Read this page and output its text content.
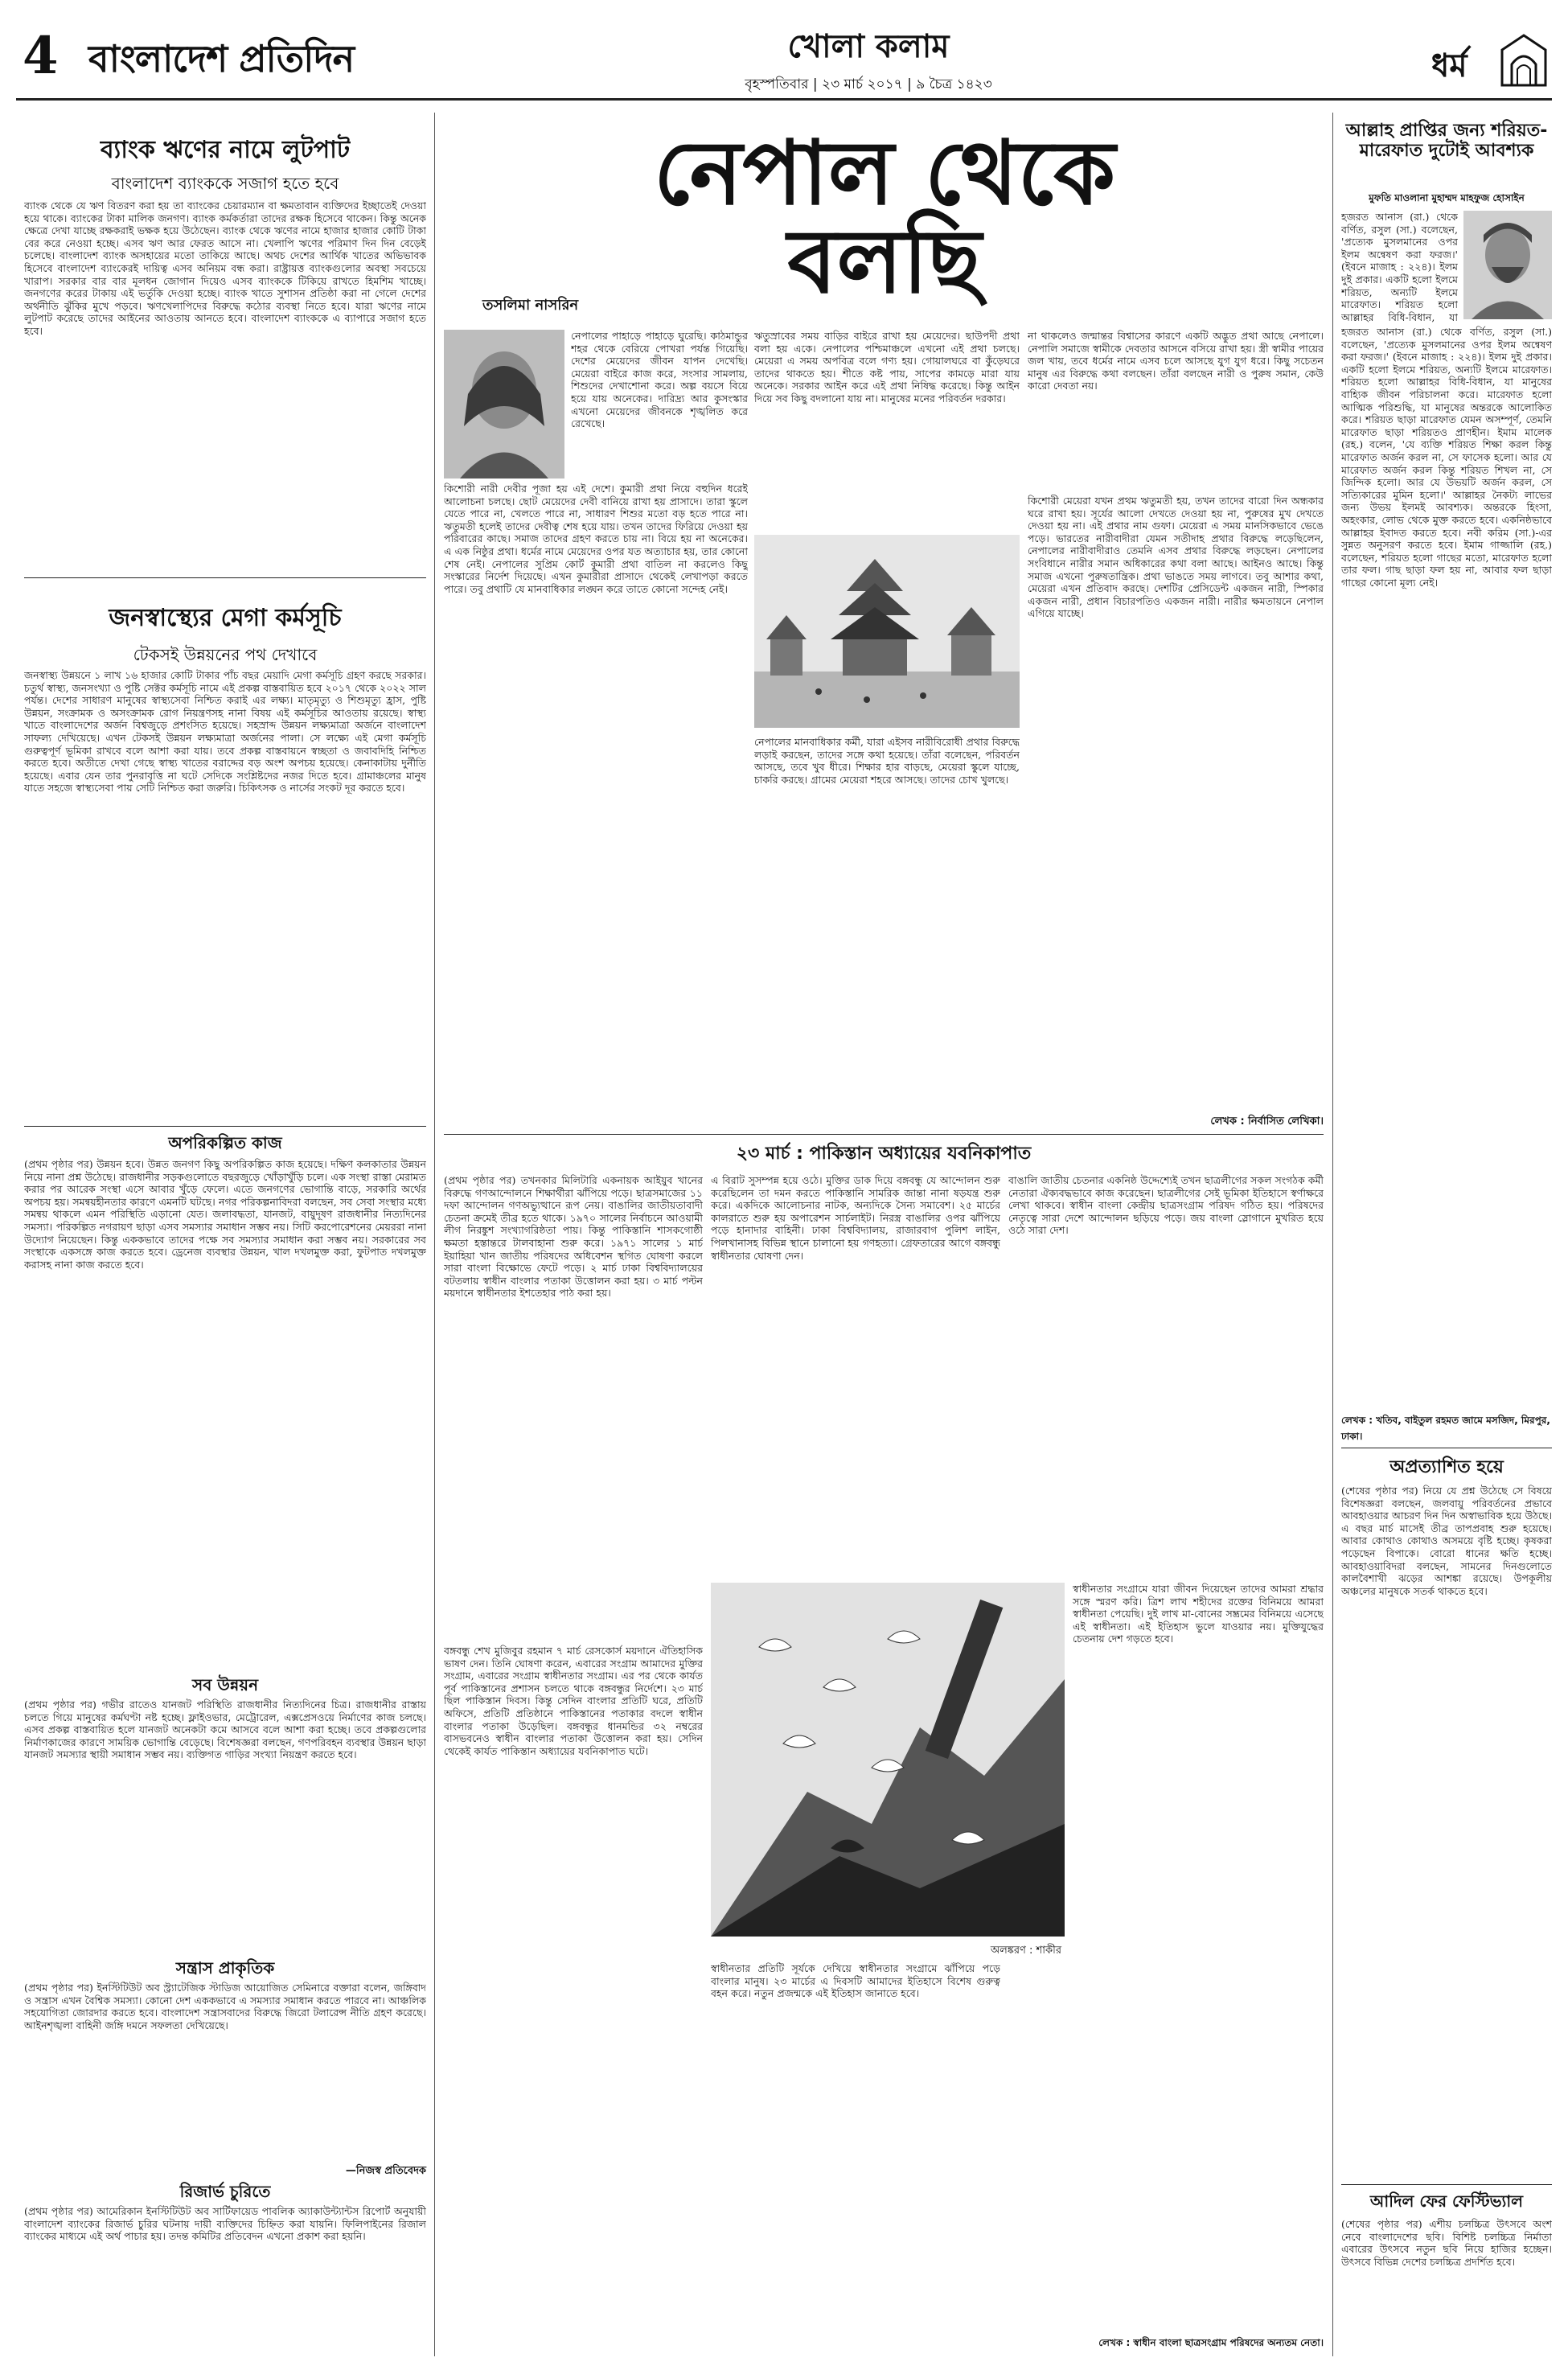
4 বাংলাদেশ প্রতিদিন	খোলা কলাম
বৃহস্পতিবার | ২৩ মার্চ ২০১৭ | ৯ চৈত্র ১৪২৩	ধর্ম
ব্যাংক ঋণের নামে লুটপাট
বাংলাদেশ ব্যাংককে সজাগ হতে হবে
ব্যাংক থেকে যে ঋণ বিতরণ করা হয় তা ব্যাংকের চেয়ারম্যান বা ক্ষমতাবান ব্যক্তিদের ইচ্ছাতেই দেওয়া হয়ে থাকে। ব্যাংকের টাকা মালিক জনগণ। ব্যাংক কর্মকর্তারা তাদের রক্ষক হিসেবে থাকেন। কিন্তু অনেক ক্ষেত্রে দেখা যাচ্ছে রক্ষকরাই ভক্ষক হয়ে উঠেছেন। ব্যাংক থেকে ঋণের নামে হাজার হাজার কোটি টাকা বের করে নেওয়া হচ্ছে। এসব ঋণ আর ফেরত আসে না। খেলাপি ঋণের পরিমাণ দিন দিন বেড়েই চলেছে। বাংলাদেশ ব্যাংক অসহায়ের মতো তাকিয়ে আছে। অথচ দেশের আর্থিক খাতের অভিভাবক হিসেবে বাংলাদেশ ব্যাংকেরই দায়িত্ব এসব অনিয়ম বন্ধ করা। রাষ্ট্রায়ত্ত ব্যাংকগুলোর অবস্থা সবচেয়ে খারাপ। সরকার বার বার মূলধন জোগান দিয়েও এসব ব্যাংককে টিকিয়ে রাখতে হিমশিম খাচ্ছে। জনগণের করের টাকায় এই ভর্তুকি দেওয়া হচ্ছে। ব্যাংক খাতে সুশাসন প্রতিষ্ঠা করা না গেলে দেশের অর্থনীতি ঝুঁকির মুখে পড়বে। ঋণখেলাপিদের বিরুদ্ধে কঠোর ব্যবস্থা নিতে হবে। যারা ঋণের নামে লুটপাট করেছে তাদের আইনের আওতায় আনতে হবে। বাংলাদেশ ব্যাংককে এ ব্যাপারে সজাগ হতে হবে।
জনস্বাস্থ্যের মেগা কর্মসূচি
টেকসই উন্নয়নের পথ দেখাবে
জনস্বাস্থ্য উন্নয়নে ১ লাখ ১৬ হাজার কোটি টাকার পাঁচ বছর মেয়াদি মেগা কর্মসূচি গ্রহণ করছে সরকার। চতুর্থ স্বাস্থ্য, জনসংখ্যা ও পুষ্টি সেক্টর কর্মসূচি নামে এই প্রকল্প বাস্তবায়িত হবে ২০১৭ থেকে ২০২২ সাল পর্যন্ত। দেশের সাধারণ মানুষের স্বাস্থ্যসেবা নিশ্চিত করাই এর লক্ষ্য। মাতৃমৃত্যু ও শিশুমৃত্যু হ্রাস, পুষ্টি উন্নয়ন, সংক্রামক ও অসংক্রামক রোগ নিয়ন্ত্রণসহ নানা বিষয় এই কর্মসূচির আওতায় রয়েছে। স্বাস্থ্য খাতে বাংলাদেশের অর্জন বিশ্বজুড়ে প্রশংসিত হয়েছে। সহস্রাব্দ উন্নয়ন লক্ষ্যমাত্রা অর্জনে বাংলাদেশ সাফল্য দেখিয়েছে। এখন টেকসই উন্নয়ন লক্ষ্যমাত্রা অর্জনের পালা। সে লক্ষ্যে এই মেগা কর্মসূচি গুরুত্বপূর্ণ ভূমিকা রাখবে বলে আশা করা যায়। তবে প্রকল্প বাস্তবায়নে স্বচ্ছতা ও জবাবদিহি নিশ্চিত করতে হবে। অতীতে দেখা গেছে স্বাস্থ্য খাতের বরাদ্দের বড় অংশ অপচয় হয়েছে। কেনাকাটায় দুর্নীতি হয়েছে। এবার যেন তার পুনরাবৃত্তি না ঘটে সেদিকে সংশ্লিষ্টদের নজর দিতে হবে। গ্রামাঞ্চলের মানুষ যাতে সহজে স্বাস্থ্যসেবা পায় সেটি নিশ্চিত করা জরুরি। চিকিৎসক ও নার্সের সংকট দূর করতে হবে।
অপরিকল্পিত কাজ
(প্রথম পৃষ্ঠার পর) উন্নয়ন হবে। উন্নত জনগণ কিছু অপরিকল্পিত কাজ হয়েছে। দক্ষিণ কলকাতার উন্নয়ন নিয়ে নানা প্রশ্ন উঠেছে। রাজধানীর সড়কগুলোতে বছরজুড়ে খোঁড়াখুঁড়ি চলে। এক সংস্থা রাস্তা মেরামত করার পর আরেক সংস্থা এসে আবার খুঁড়ে ফেলে। এতে জনগণের ভোগান্তি বাড়ে, সরকারি অর্থের অপচয় হয়। সমন্বয়হীনতার কারণে এমনটি ঘটছে। নগর পরিকল্পনাবিদরা বলছেন, সব সেবা সংস্থার মধ্যে সমন্বয় থাকলে এমন পরিস্থিতি এড়ানো যেত। জলাবদ্ধতা, যানজট, বায়ুদূষণ রাজধানীর নিত্যদিনের সমস্যা। পরিকল্পিত নগরায়ণ ছাড়া এসব সমস্যার সমাধান সম্ভব নয়। সিটি করপোরেশনের মেয়ররা নানা উদ্যোগ নিয়েছেন। কিন্তু এককভাবে তাদের পক্ষে সব সমস্যার সমাধান করা সম্ভব নয়। সরকারের সব সংস্থাকে একসঙ্গে কাজ করতে হবে। ড্রেনেজ ব্যবস্থার উন্নয়ন, খাল দখলমুক্ত করা, ফুটপাত দখলমুক্ত করাসহ নানা কাজ করতে হবে।
সব উন্নয়ন
(প্রথম পৃষ্ঠার পর) গভীর রাতেও যানজট পরিস্থিতি রাজধানীর নিত্যদিনের চিত্র। রাজধানীর রাস্তায় চলতে গিয়ে মানুষের কর্মঘণ্টা নষ্ট হচ্ছে। ফ্লাইওভার, মেট্রোরেল, এক্সপ্রেসওয়ে নির্মাণের কাজ চলছে। এসব প্রকল্প বাস্তবায়িত হলে যানজট অনেকটা কমে আসবে বলে আশা করা হচ্ছে। তবে প্রকল্পগুলোর নির্মাণকাজের কারণে সাময়িক ভোগান্তি বেড়েছে। বিশেষজ্ঞরা বলছেন, গণপরিবহন ব্যবস্থার উন্নয়ন ছাড়া যানজট সমস্যার স্থায়ী সমাধান সম্ভব নয়। ব্যক্তিগত গাড়ির সংখ্যা নিয়ন্ত্রণ করতে হবে।
সন্ত্রাস প্রাকৃতিক
(প্রথম পৃষ্ঠার পর) ইনস্টিটিউট অব স্ট্র্যাটেজিক স্টাডিজ আয়োজিত সেমিনারে বক্তারা বলেন, জঙ্গিবাদ ও সন্ত্রাস এখন বৈশ্বিক সমস্যা। কোনো দেশ এককভাবে এ সমস্যার সমাধান করতে পারবে না। আঞ্চলিক সহযোগিতা জোরদার করতে হবে। বাংলাদেশ সন্ত্রাসবাদের বিরুদ্ধে জিরো টলারেন্স নীতি গ্রহণ করেছে। আইনশৃঙ্খলা বাহিনী জঙ্গি দমনে সফলতা দেখিয়েছে।
—নিজস্ব প্রতিবেদক
রিজার্ভ চুরিতে
(প্রথম পৃষ্ঠার পর) আমেরিকান ইনস্টিটিউট অব সার্টিফায়েড পাবলিক অ্যাকাউন্ট্যান্টস রিপোর্ট অনুযায়ী বাংলাদেশ ব্যাংকের রিজার্ভ চুরির ঘটনায় দায়ী ব্যক্তিদের চিহ্নিত করা যায়নি। ফিলিপাইনের রিজাল ব্যাংকের মাধ্যমে এই অর্থ পাচার হয়। তদন্ত কমিটির প্রতিবেদন এখনো প্রকাশ করা হয়নি।
নেপাল থেকে বলছি
তসলিমা নাসরিন
নেপালের পাহাড়ে পাহাড়ে ঘুরেছি। কাঠমান্ডুর শহর থেকে বেরিয়ে পোখরা পর্যন্ত গিয়েছি। দেশের মেয়েদের জীবন যাপন দেখেছি। মেয়েরা বাইরে কাজ করে, সংসার সামলায়, শিশুদের দেখাশোনা করে। অল্প বয়সে বিয়ে হয়ে যায় অনেকের। দারিদ্র্য আর কুসংস্কার এখনো মেয়েদের জীবনকে শৃঙ্খলিত করে রেখেছে।
কিশোরী নারী দেবীর পূজা হয় এই দেশে। কুমারী প্রথা নিয়ে বহুদিন ধরেই আলোচনা চলছে। ছোট মেয়েদের দেবী বানিয়ে রাখা হয় প্রাসাদে। তারা স্কুলে যেতে পারে না, খেলতে পারে না, সাধারণ শিশুর মতো বড় হতে পারে না। ঋতুমতী হলেই তাদের দেবীত্ব শেষ হয়ে যায়। তখন তাদের ফিরিয়ে দেওয়া হয় পরিবারের কাছে। সমাজ তাদের গ্রহণ করতে চায় না। বিয়ে হয় না অনেকের। এ এক নিষ্ঠুর প্রথা। ধর্মের নামে মেয়েদের ওপর যত অত্যাচার হয়, তার কোনো শেষ নেই। নেপালের সুপ্রিম কোর্ট কুমারী প্রথা বাতিল না করলেও কিছু সংস্কারের নির্দেশ দিয়েছে। এখন কুমারীরা প্রাসাদে থেকেই লেখাপড়া করতে পারে। তবু প্রথাটি যে মানবাধিকার লঙ্ঘন করে তাতে কোনো সন্দেহ নেই।
ঋতুস্রাবের সময় বাড়ির বাইরে রাখা হয় মেয়েদের। ছাউপদী প্রথা বলা হয় একে। নেপালের পশ্চিমাঞ্চলে এখনো এই প্রথা চলছে। মেয়েরা এ সময় অপবিত্র বলে গণ্য হয়। গোয়ালঘরে বা কুঁড়েঘরে তাদের থাকতে হয়। শীতে কষ্ট পায়, সাপের কামড়ে মারা যায় অনেকে। সরকার আইন করে এই প্রথা নিষিদ্ধ করেছে। কিন্তু আইন দিয়ে সব কিছু বদলানো যায় না। মানুষের মনের পরিবর্তন দরকার।
নেপালের মানবাধিকার কর্মী, যারা এইসব নারীবিরোধী প্রথার বিরুদ্ধে লড়াই করছেন, তাদের সঙ্গে কথা হয়েছে। তাঁরা বলেছেন, পরিবর্তন আসছে, তবে খুব ধীরে। শিক্ষার হার বাড়ছে, মেয়েরা স্কুলে যাচ্ছে, চাকরি করছে। গ্রামের মেয়েরা শহরে আসছে। তাদের চোখ খুলছে।
না থাকলেও জন্মান্তর বিশ্বাসের কারণে একটি অদ্ভুত প্রথা আছে নেপালে। নেপালি সমাজে স্বামীকে দেবতার আসনে বসিয়ে রাখা হয়। স্ত্রী স্বামীর পায়ের জল খায়, তবে ধর্মের নামে এসব চলে আসছে যুগ যুগ ধরে। কিছু সচেতন মানুষ এর বিরুদ্ধে কথা বলছেন। তাঁরা বলছেন নারী ও পুরুষ সমান, কেউ কারো দেবতা নয়।
কিশোরী মেয়েরা যখন প্রথম ঋতুমতী হয়, তখন তাদের বারো দিন অন্ধকার ঘরে রাখা হয়। সূর্যের আলো দেখতে দেওয়া হয় না, পুরুষের মুখ দেখতে দেওয়া হয় না। এই প্রথার নাম গুফা। মেয়েরা এ সময় মানসিকভাবে ভেঙে পড়ে। ভারতের নারীবাদীরা যেমন সতীদাহ প্রথার বিরুদ্ধে লড়েছিলেন, নেপালের নারীবাদীরাও তেমনি এসব প্রথার বিরুদ্ধে লড়ছেন। নেপালের সংবিধানে নারীর সমান অধিকারের কথা বলা আছে। আইনও আছে। কিন্তু সমাজ এখনো পুরুষতান্ত্রিক। প্রথা ভাঙতে সময় লাগবে। তবু আশার কথা, মেয়েরা এখন প্রতিবাদ করছে। দেশটির প্রেসিডেন্ট একজন নারী, স্পিকার একজন নারী, প্রধান বিচারপতিও একজন নারী। নারীর ক্ষমতায়নে নেপাল এগিয়ে যাচ্ছে।
লেখক : নির্বাসিত লেখিকা।
২৩ মার্চ : পাকিস্তান অধ্যায়ের যবনিকাপাত
(প্রথম পৃষ্ঠার পর) তখনকার মিলিটারি একনায়ক আইয়ুব খানের বিরুদ্ধে গণআন্দোলনে শিক্ষার্থীরা ঝাঁপিয়ে পড়ে। ছাত্রসমাজের ১১ দফা আন্দোলন গণঅভ্যুত্থানে রূপ নেয়। বাঙালির জাতীয়তাবাদী চেতনা ক্রমেই তীব্র হতে থাকে। ১৯৭০ সালের নির্বাচনে আওয়ামী লীগ নিরঙ্কুশ সংখ্যাগরিষ্ঠতা পায়। কিন্তু পাকিস্তানি শাসকগোষ্ঠী ক্ষমতা হস্তান্তরে টালবাহানা শুরু করে। ১৯৭১ সালের ১ মার্চ ইয়াহিয়া খান জাতীয় পরিষদের অধিবেশন স্থগিত ঘোষণা করলে সারা বাংলা বিক্ষোভে ফেটে পড়ে। ২ মার্চ ঢাকা বিশ্ববিদ্যালয়ের বটতলায় স্বাধীন বাংলার পতাকা উত্তোলন করা হয়। ৩ মার্চ পল্টন ময়দানে স্বাধীনতার ইশতেহার পাঠ করা হয়।
বঙ্গবন্ধু শেখ মুজিবুর রহমান ৭ মার্চ রেসকোর্স ময়দানে ঐতিহাসিক ভাষণ দেন। তিনি ঘোষণা করেন, এবারের সংগ্রাম আমাদের মুক্তির সংগ্রাম, এবারের সংগ্রাম স্বাধীনতার সংগ্রাম। এর পর থেকে কার্যত পূর্ব পাকিস্তানের প্রশাসন চলতে থাকে বঙ্গবন্ধুর নির্দেশে। ২৩ মার্চ ছিল পাকিস্তান দিবস। কিন্তু সেদিন বাংলার প্রতিটি ঘরে, প্রতিটি অফিসে, প্রতিটি প্রতিষ্ঠানে পাকিস্তানের পতাকার বদলে স্বাধীন বাংলার পতাকা উড়েছিল। বঙ্গবন্ধুর ধানমন্ডির ৩২ নম্বরের বাসভবনেও স্বাধীন বাংলার পতাকা উত্তোলন করা হয়। সেদিন থেকেই কার্যত পাকিস্তান অধ্যায়ের যবনিকাপাত ঘটে।
এ বিরাট সুসম্পন্ন হয়ে ওঠে। মুক্তির ডাক দিয়ে বঙ্গবন্ধু যে আন্দোলন শুরু করেছিলেন তা দমন করতে পাকিস্তানি সামরিক জান্তা নানা ষড়যন্ত্র শুরু করে। একদিকে আলোচনার নাটক, অন্যদিকে সৈন্য সমাবেশ। ২৫ মার্চের কালরাতে শুরু হয় অপারেশন সার্চলাইট। নিরস্ত্র বাঙালির ওপর ঝাঁপিয়ে পড়ে হানাদার বাহিনী। ঢাকা বিশ্ববিদ্যালয়, রাজারবাগ পুলিশ লাইন, পিলখানাসহ বিভিন্ন স্থানে চালানো হয় গণহত্যা। গ্রেফতারের আগে বঙ্গবন্ধু স্বাধীনতার ঘোষণা দেন।
অলঙ্করণ : শাকীর
স্বাধীনতার প্রতিটি সূর্যকে দেখিয়ে স্বাধীনতার সংগ্রামে ঝাঁপিয়ে পড়ে বাংলার মানুষ। ২৩ মার্চের এ দিবসটি আমাদের ইতিহাসে বিশেষ গুরুত্ব বহন করে। নতুন প্রজন্মকে এই ইতিহাস জানাতে হবে।
বাঙালি জাতীয় চেতনার একনিষ্ঠ উদ্দেশ্যেই তখন ছাত্রলীগের সকল সংগঠক কর্মী নেতারা ঐক্যবদ্ধভাবে কাজ করেছেন। ছাত্রলীগের সেই ভূমিকা ইতিহাসে স্বর্ণাক্ষরে লেখা থাকবে। স্বাধীন বাংলা কেন্দ্রীয় ছাত্রসংগ্রাম পরিষদ গঠিত হয়। পরিষদের নেতৃত্বে সারা দেশে আন্দোলন ছড়িয়ে পড়ে। জয় বাংলা স্লোগানে মুখরিত হয়ে ওঠে সারা দেশ।
স্বাধীনতার সংগ্রামে যারা জীবন দিয়েছেন তাদের আমরা শ্রদ্ধার সঙ্গে স্মরণ করি। ত্রিশ লাখ শহীদের রক্তের বিনিময়ে আমরা স্বাধীনতা পেয়েছি। দুই লাখ মা-বোনের সম্ভ্রমের বিনিময়ে এসেছে এই স্বাধীনতা। এই ইতিহাস ভুলে যাওয়ার নয়। মুক্তিযুদ্ধের চেতনায় দেশ গড়তে হবে।
লেখক : স্বাধীন বাংলা ছাত্রসংগ্রাম পরিষদের অন্যতম নেতা।
আল্লাহ প্রাপ্তির জন্য শরিয়ত-মারেফাত দুটোই আবশ্যক
মুফতি মাওলানা মুহাম্মদ মাহফুজ হোসাইন
হজরত আনাস (রা.) থেকে বর্ণিত, রসুল (সা.) বলেছেন, 'প্রত্যেক মুসলমানের ওপর ইলম অন্বেষণ করা ফরজ।' (ইবনে মাজাহ : ২২৪)। ইলম দুই প্রকার। একটি হলো ইলমে শরিয়ত, অন্যটি ইলমে মারেফাত। শরিয়ত হলো আল্লাহর বিধি-বিধান, যা
হজরত আনাস (রা.) থেকে বর্ণিত, রসুল (সা.) বলেছেন, 'প্রত্যেক মুসলমানের ওপর ইলম অন্বেষণ করা ফরজ।' (ইবনে মাজাহ : ২২৪)। ইলম দুই প্রকার। একটি হলো ইলমে শরিয়ত, অন্যটি ইলমে মারেফাত। শরিয়ত হলো আল্লাহর বিধি-বিধান, যা মানুষের বাহ্যিক জীবন পরিচালনা করে। মারেফাত হলো আত্মিক পরিশুদ্ধি, যা মানুষের অন্তরকে আলোকিত করে। শরিয়ত ছাড়া মারেফাত যেমন অসম্পূর্ণ, তেমনি মারেফাত ছাড়া শরিয়তও প্রাণহীন। ইমাম মালেক (রহ.) বলেন, 'যে ব্যক্তি শরিয়ত শিক্ষা করল কিন্তু মারেফাত অর্জন করল না, সে ফাসেক হলো। আর যে মারেফাত অর্জন করল কিন্তু শরিয়ত শিখল না, সে জিন্দিক হলো। আর যে উভয়টি অর্জন করল, সে সত্যিকারের মুমিন হলো।' আল্লাহর নৈকট্য লাভের জন্য উভয় ইলমই আবশ্যক। অন্তরকে হিংসা, অহংকার, লোভ থেকে মুক্ত করতে হবে। একনিষ্ঠভাবে আল্লাহর ইবাদত করতে হবে। নবী করিম (সা.)-এর সুন্নত অনুসরণ করতে হবে। ইমাম গাজ্জালি (রহ.) বলেছেন, শরিয়ত হলো গাছের মতো, মারেফাত হলো তার ফল। গাছ ছাড়া ফল হয় না, আবার ফল ছাড়া গাছের কোনো মূল্য নেই।
লেখক : খতিব, বাইতুল রহমত জামে মসজিদ, মিরপুর, ঢাকা।
অপ্রত্যাশিত হয়ে
(শেষের পৃষ্ঠার পর) নিয়ে যে প্রশ্ন উঠেছে সে বিষয়ে বিশেষজ্ঞরা বলছেন, জলবায়ু পরিবর্তনের প্রভাবে আবহাওয়ার আচরণ দিন দিন অস্বাভাবিক হয়ে উঠছে। এ বছর মার্চ মাসেই তীব্র তাপপ্রবাহ শুরু হয়েছে। আবার কোথাও কোথাও অসময়ে বৃষ্টি হচ্ছে। কৃষকরা পড়েছেন বিপাকে। বোরো ধানের ক্ষতি হচ্ছে। আবহাওয়াবিদরা বলছেন, সামনের দিনগুলোতে কালবৈশাখী ঝড়ের আশঙ্কা রয়েছে। উপকূলীয় অঞ্চলের মানুষকে সতর্ক থাকতে হবে।
আদিল ফের ফেস্টিভ্যাল
(শেষের পৃষ্ঠার পর) এশীয় চলচ্চিত্র উৎসবে অংশ নেবে বাংলাদেশের ছবি। বিশিষ্ট চলচ্চিত্র নির্মাতা এবারের উৎসবে নতুন ছবি নিয়ে হাজির হচ্ছেন। উৎসবে বিভিন্ন দেশের চলচ্চিত্র প্রদর্শিত হবে।
